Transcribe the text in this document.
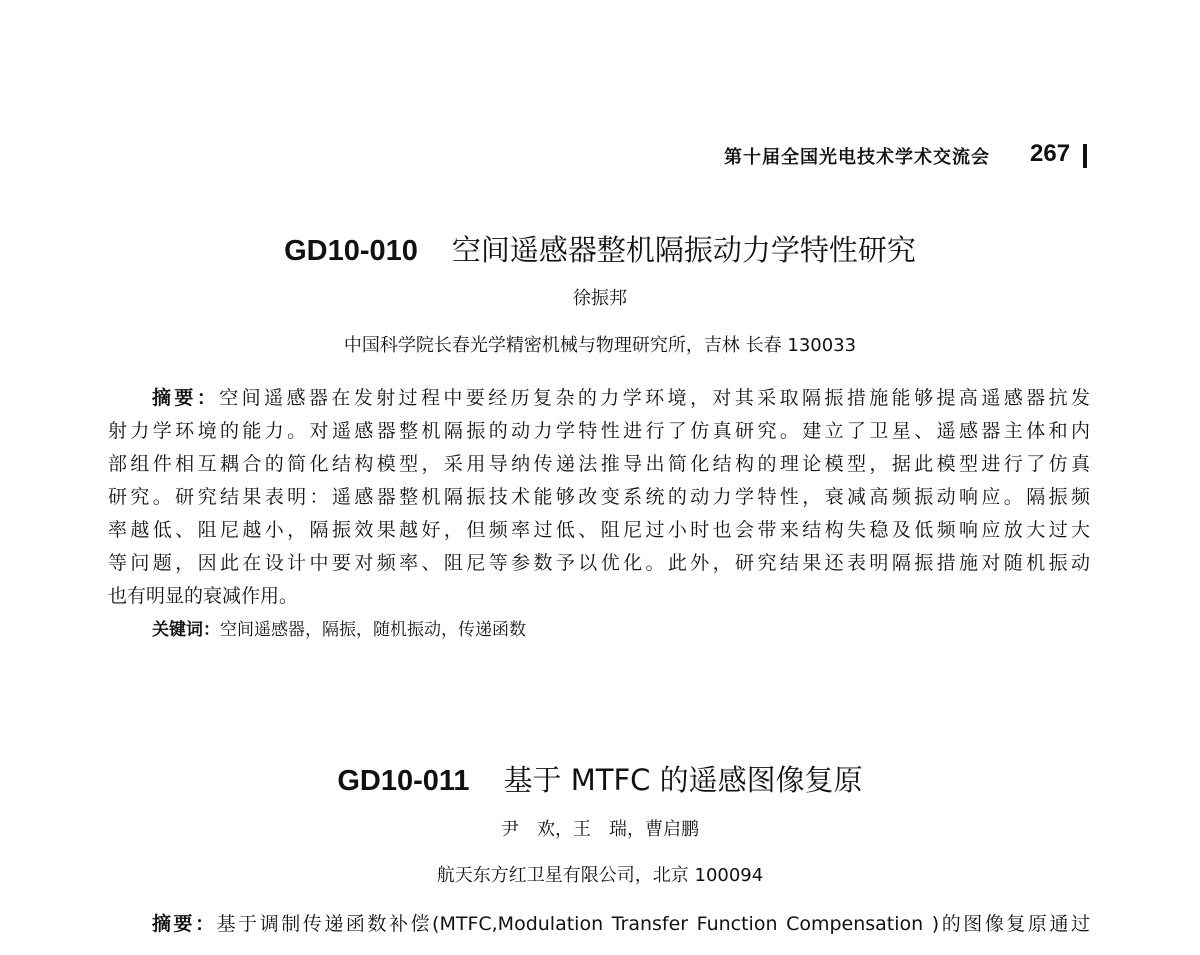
第十届全国光电技术学术交流会 267
GD10-010 空间遥感器整机隔振动力学特性研究
徐振邦
中国科学院长春光学精密机械与物理研究所，吉林 长春 130033
摘要：空间遥感器在发射过程中要经历复杂的力学环境，对其采取隔振措施能够提高遥感器抗发
射力学环境的能力。对遥感器整机隔振的动力学特性进行了仿真研究。建立了卫星、遥感器主体和内
部组件相互耦合的简化结构模型，采用导纳传递法推导出简化结构的理论模型，据此模型进行了仿真
研究。研究结果表明：遥感器整机隔振技术能够改变系统的动力学特性，衰减高频振动响应。隔振频
率越低、阻尼越小，隔振效果越好，但频率过低、阻尼过小时也会带来结构失稳及低频响应放大过大
等问题，因此在设计中要对频率、阻尼等参数予以优化。此外，研究结果还表明隔振措施对随机振动
也有明显的衰减作用。
关键词：空间遥感器，隔振，随机振动，传递函数
GD10-011 基于 MTFC 的遥感图像复原
尹　欢，王　瑞，曹启鹏
航天东方红卫星有限公司，北京 100094
摘要：基于调制传递函数补偿(MTFC,Modulation Transfer Function Compensation )的图像复原通过
